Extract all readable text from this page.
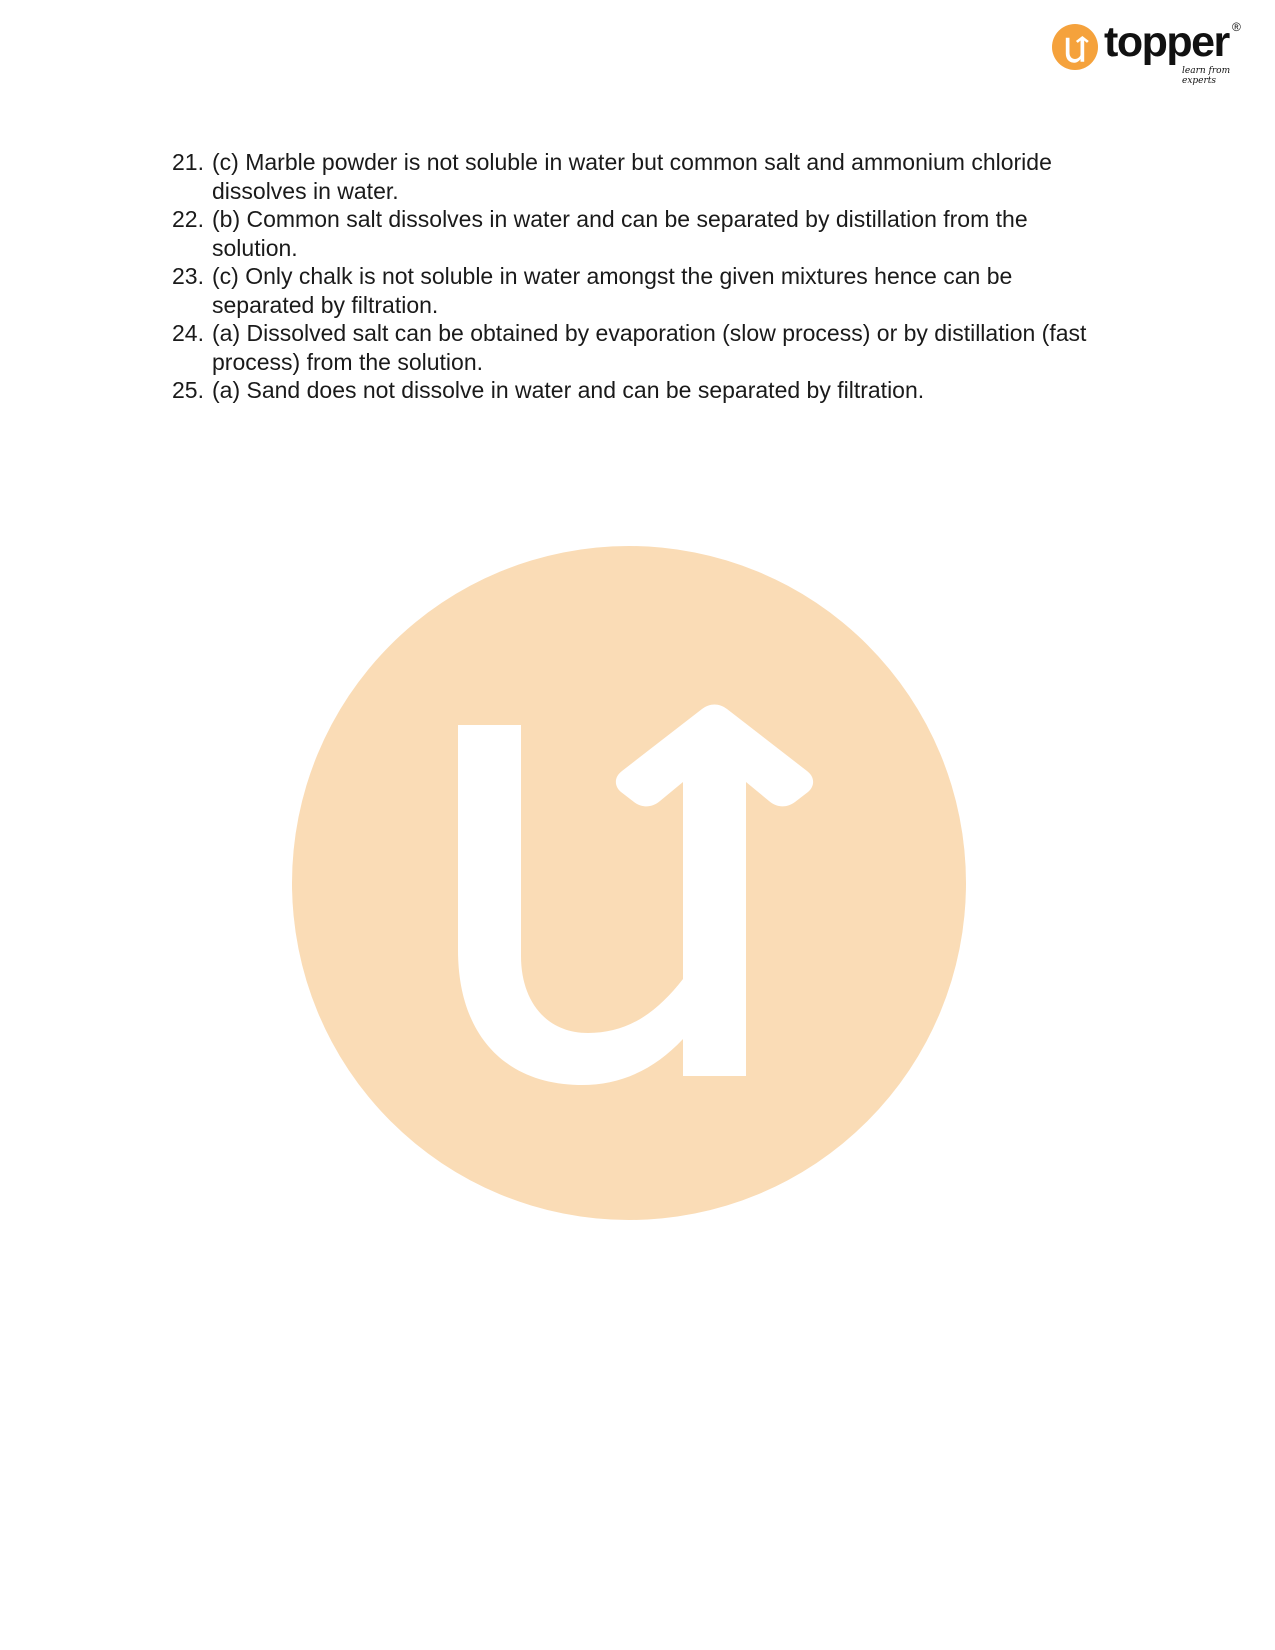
topper ®
learn from experts
21. (c) Marble powder is not soluble in water but common salt and ammonium chloride dissolves in water.
22. (b) Common salt dissolves in water and can be separated by distillation from the solution.
23. (c) Only chalk is not soluble in water amongst the given mixtures hence can be separated by filtration.
24. (a) Dissolved salt can be obtained by evaporation (slow process) or by distillation (fast process) from the solution.
25. (a) Sand does not dissolve in water and can be separated by filtration.
